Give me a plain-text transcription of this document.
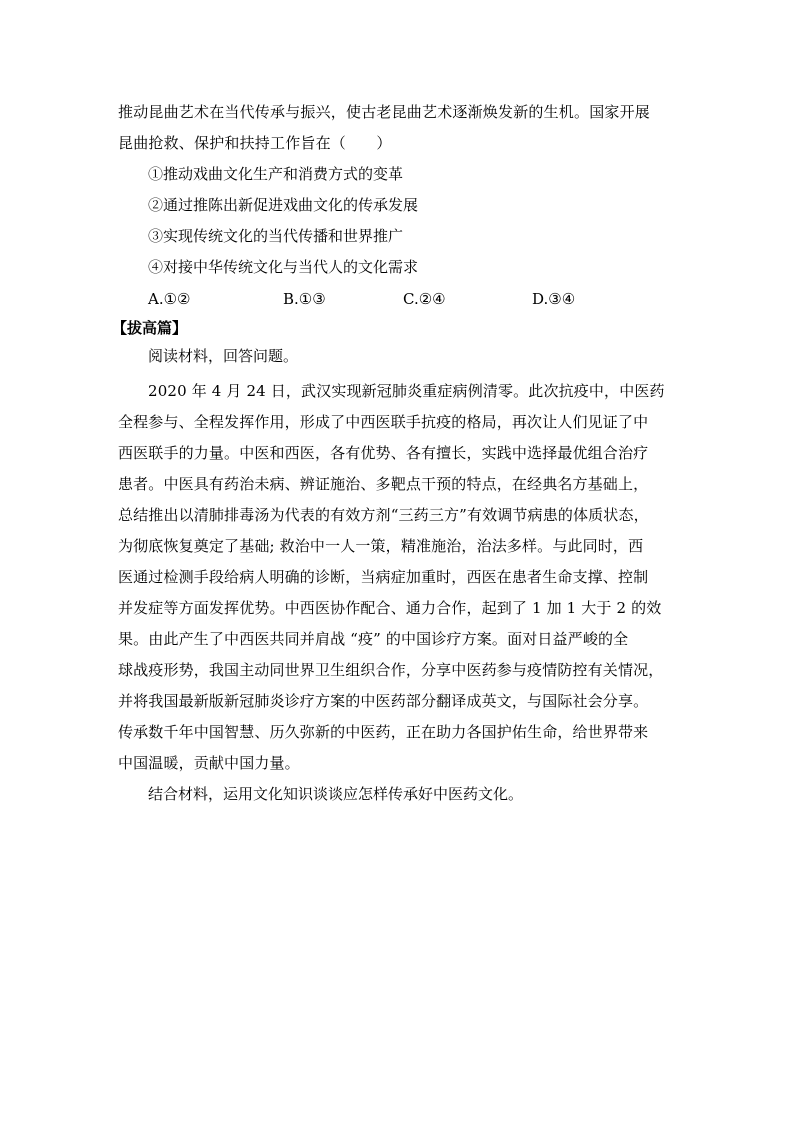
推动昆曲艺术在当代传承与振兴，使古老昆曲艺术逐渐焕发新的生机。国家开展

昆曲抢救、保护和扶持工作旨在（　　）

①推动戏曲文化生产和消费方式的变革

②通过推陈出新促进戏曲文化的传承发展

③实现传统文化的当代传播和世界推广

④对接中华传统文化与当代人的文化需求

A.①②	B.①③	C.②④	D.③④

【拔高篇】

阅读材料，回答问题。

2020 年 4 月 24 日，武汉实现新冠肺炎重症病例清零。此次抗疫中，中医药

全程参与、全程发挥作用，形成了中西医联手抗疫的格局，再次让人们见证了中

西医联手的力量。中医和西医，各有优势、各有擅长，实践中选择最优组合治疗

患者。中医具有药治未病、辨证施治、多靶点干预的特点，在经典名方基础上，

总结推出以清肺排毒汤为代表的有效方剂“三药三方”有效调节病患的体质状态，

为彻底恢复奠定了基础; 救治中一人一策，精准施治，治法多样。与此同时，西

医通过检测手段给病人明确的诊断，当病症加重时，西医在患者生命支撑、控制

并发症等方面发挥优势。中西医协作配合、通力合作，起到了 1 加 1 大于 2 的效

果。由此产生了中西医共同并肩战 “疫” 的中国诊疗方案。面对日益严峻的全

球战疫形势，我国主动同世界卫生组织合作，分享中医药参与疫情防控有关情况，

并将我国最新版新冠肺炎诊疗方案的中医药部分翻译成英文，与国际社会分享。

传承数千年中国智慧、历久弥新的中医药，正在助力各国护佑生命，给世界带来

中国温暖，贡献中国力量。

结合材料，运用文化知识谈谈应怎样传承好中医药文化。
